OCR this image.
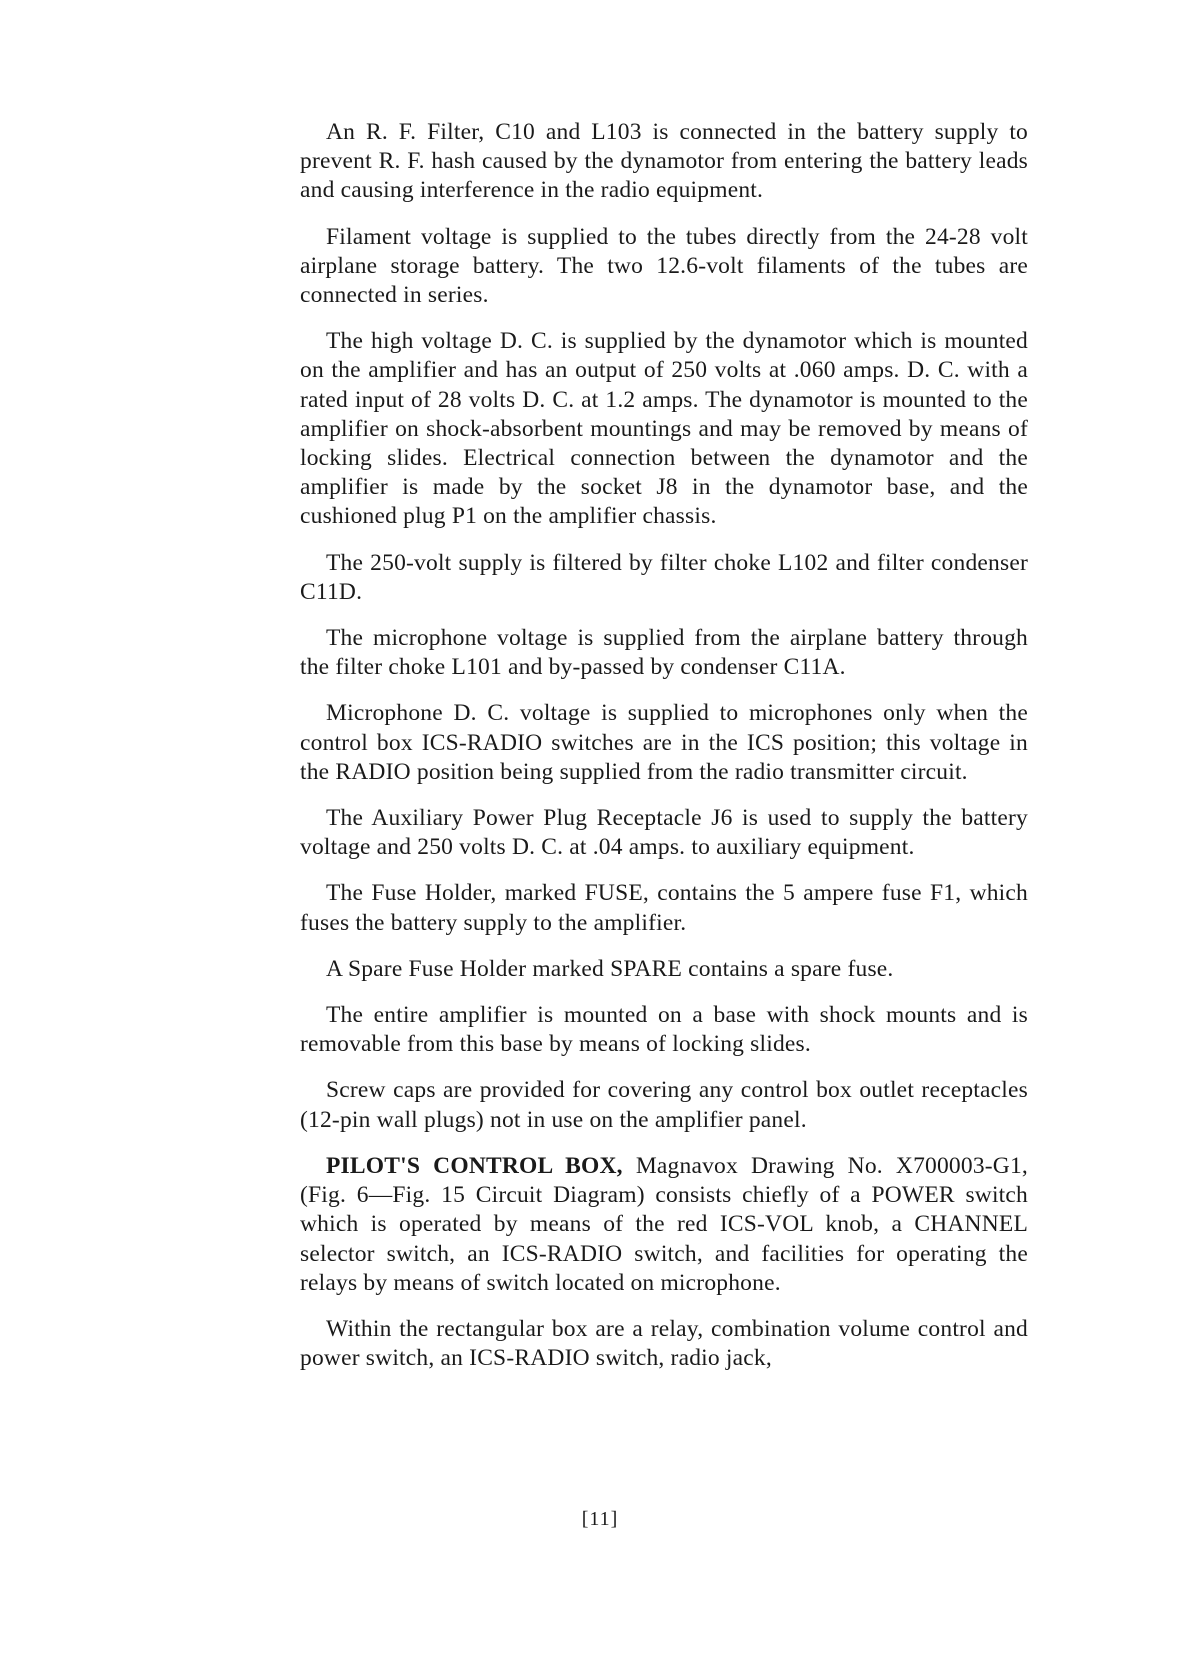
An R. F. Filter, C10 and L103 is connected in the battery supply to prevent R. F. hash caused by the dynamotor from entering the battery leads and causing interference in the radio equipment.

Filament voltage is supplied to the tubes directly from the 24-28 volt airplane storage battery. The two 12.6-volt filaments of the tubes are connected in series.

The high voltage D. C. is supplied by the dynamotor which is mounted on the amplifier and has an output of 250 volts at .060 amps. D. C. with a rated input of 28 volts D. C. at 1.2 amps. The dynamotor is mounted to the amplifier on shock-absorbent mountings and may be removed by means of locking slides. Electrical connection between the dynamotor and the amplifier is made by the socket J8 in the dynamotor base, and the cushioned plug P1 on the amplifier chassis.

The 250-volt supply is filtered by filter choke L102 and filter condenser C11D.

The microphone voltage is supplied from the airplane battery through the filter choke L101 and by-passed by condenser C11A.

Microphone D. C. voltage is supplied to microphones only when the control box ICS-RADIO switches are in the ICS position; this voltage in the RADIO position being supplied from the radio transmitter circuit.

The Auxiliary Power Plug Receptacle J6 is used to supply the battery voltage and 250 volts D. C. at .04 amps. to auxiliary equipment.

The Fuse Holder, marked FUSE, contains the 5 ampere fuse F1, which fuses the battery supply to the amplifier.

A Spare Fuse Holder marked SPARE contains a spare fuse.

The entire amplifier is mounted on a base with shock mounts and is removable from this base by means of locking slides.

Screw caps are provided for covering any control box outlet receptacles (12-pin wall plugs) not in use on the amplifier panel.

PILOT'S CONTROL BOX, Magnavox Drawing No. X700003-G1, (Fig. 6—Fig. 15 Circuit Diagram) consists chiefly of a POWER switch which is operated by means of the red ICS-VOL knob, a CHANNEL selector switch, an ICS-RADIO switch, and facilities for operating the relays by means of switch located on microphone.

Within the rectangular box are a relay, combination volume control and power switch, an ICS-RADIO switch, radio jack,

[11]
